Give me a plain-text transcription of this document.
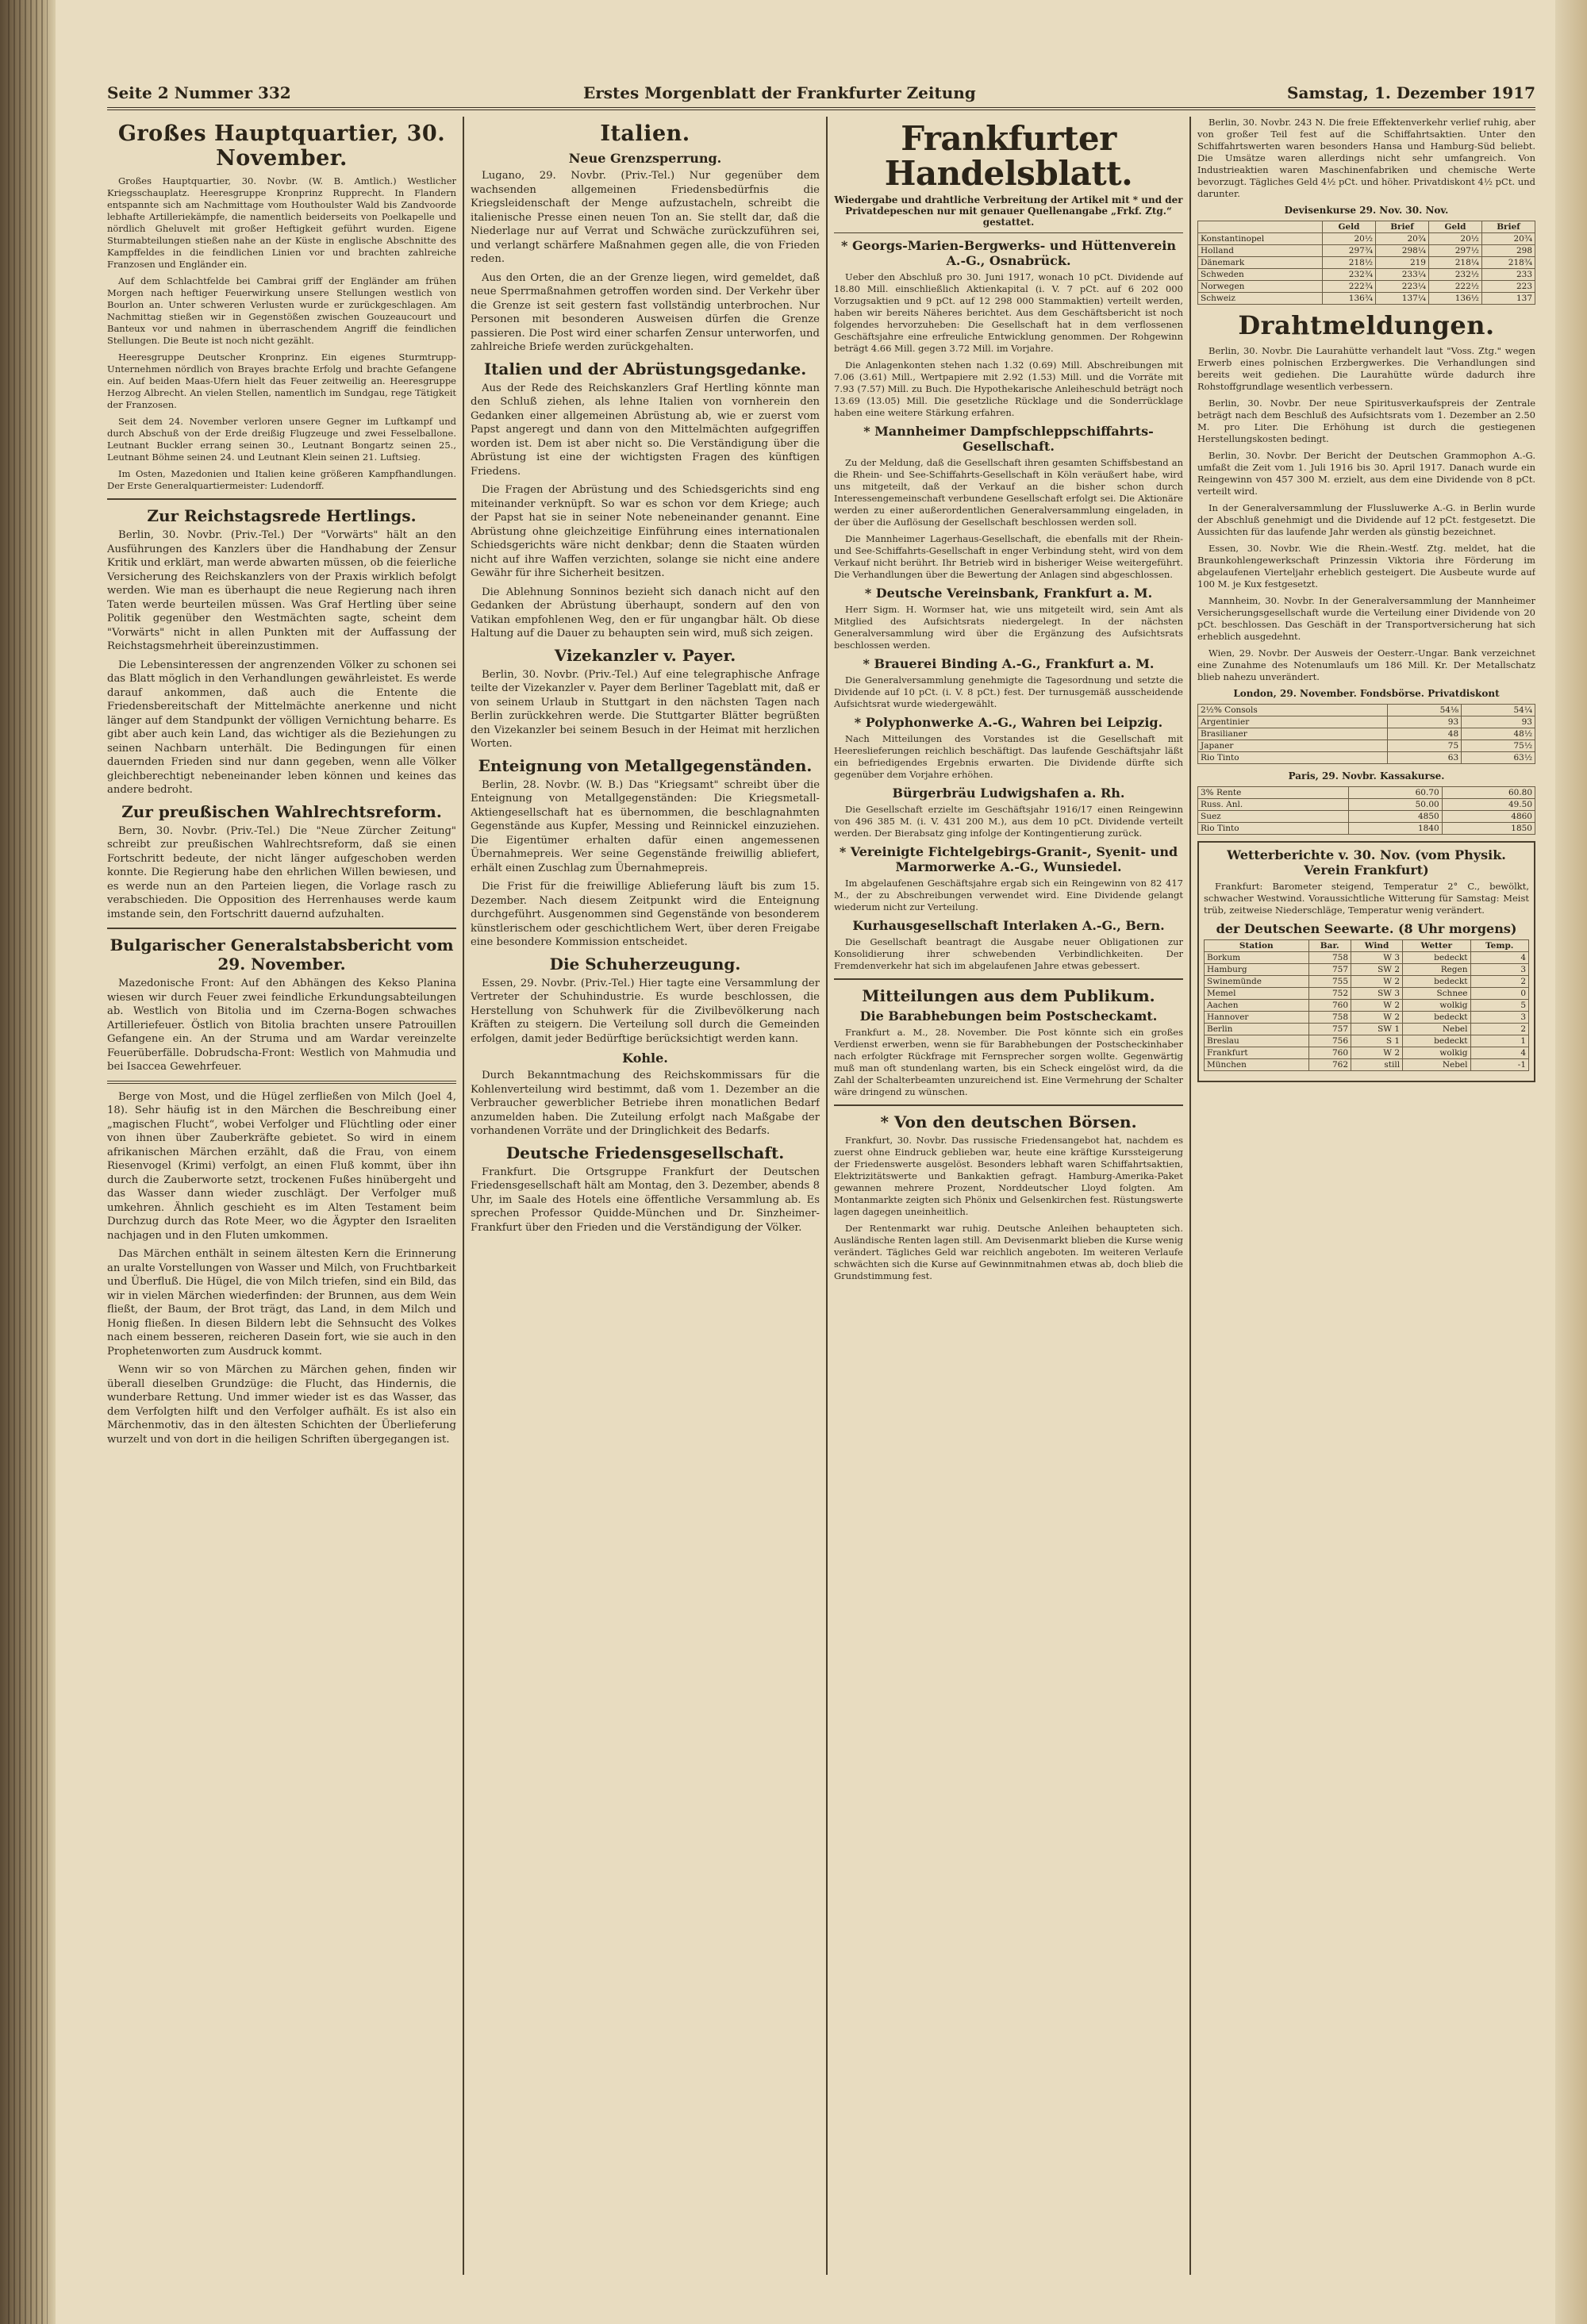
Seite 2 Nummer 332	Erstes Morgenblatt der Frankfurter Zeitung	Samstag, 1. Dezember 1917
Großes Hauptquartier, 30. November.

Großes Hauptquartier, 30. Novbr. (W. B. Amtlich.) Westlicher Kriegsschauplatz. Heeresgruppe Kronprinz Rupprecht. In Flandern entspannte sich am Nachmittage vom Houthoulster Wald bis Zandvoorde lebhafte Artilleriekämpfe, die namentlich beiderseits von Poelkapelle und nördlich Gheluvelt mit großer Heftigkeit geführt wurden. Eigene Sturmabteilungen stießen nahe an der Küste in englische Abschnitte des Kampffeldes in die feindlichen Linien vor und brachten zahlreiche Franzosen und Engländer ein.

Auf dem Schlachtfelde bei Cambrai griff der Engländer am frühen Morgen nach heftiger Feuerwirkung unsere Stellungen westlich von Bourlon an. Unter schweren Verlusten wurde er zurückgeschlagen. Am Nachmittag stießen wir in Gegenstößen zwischen Gouzeaucourt und Banteux vor und nahmen in überraschendem Angriff die feindlichen Stellungen. Die Beute ist noch nicht gezählt.

Heeresgruppe Deutscher Kronprinz. Ein eigenes Sturmtrupp-Unternehmen nördlich von Brayes brachte Erfolg und brachte Gefangene ein. Auf beiden Maas-Ufern hielt das Feuer zeitweilig an. Heeresgruppe Herzog Albrecht. An vielen Stellen, namentlich im Sundgau, rege Tätigkeit der Franzosen.

Seit dem 24. November verloren unsere Gegner im Luftkampf und durch Abschuß von der Erde dreißig Flugzeuge und zwei Fesselballone. Leutnant Buckler errang seinen 30., Leutnant Bongartz seinen 25., Leutnant Böhme seinen 24. und Leutnant Klein seinen 21. Luftsieg.

Im Osten, Mazedonien und Italien keine größeren Kampfhandlungen. Der Erste Generalquartiermeister: Ludendorff.

Zur Reichstagsrede Hertlings.

Berlin, 30. Novbr. (Priv.-Tel.) Der "Vorwärts" hält an den Ausführungen des Kanzlers über die Handhabung der Zensur Kritik und erklärt, man werde abwarten müssen, ob die feierliche Versicherung des Reichskanzlers von der Praxis wirklich befolgt werden. Wie man es überhaupt die neue Regierung nach ihren Taten werde beurteilen müssen. Was Graf Hertling über seine Politik gegenüber den Westmächten sagte, scheint dem "Vorwärts" nicht in allen Punkten mit der Auffassung der Reichstagsmehrheit übereinzustimmen.

Die Lebensinteressen der angrenzenden Völker zu schonen sei das Blatt möglich in den Verhandlungen gewährleistet. Es werde darauf ankommen, daß auch die Entente die Friedensbereitschaft der Mittelmächte anerkenne und nicht länger auf dem Standpunkt der völligen Vernichtung beharre. Es gibt aber auch kein Land, das wichtiger als die Beziehungen zu seinen Nachbarn unterhält. Die Bedingungen für einen dauernden Frieden sind nur dann gegeben, wenn alle Völker gleichberechtigt nebeneinander leben können und keines das andere bedroht.

Zur preußischen Wahlrechtsreform.

Bern, 30. Novbr. (Priv.-Tel.) Die "Neue Zürcher Zeitung" schreibt zur preußischen Wahlrechtsreform, daß sie einen Fortschritt bedeute, der nicht länger aufgeschoben werden konnte. Die Regierung habe den ehrlichen Willen bewiesen, und es werde nun an den Parteien liegen, die Vorlage rasch zu verabschieden. Die Opposition des Herrenhauses werde kaum imstande sein, den Fortschritt dauernd aufzuhalten.

Bulgarischer Generalstabsbericht vom 29. November.

Mazedonische Front: Auf den Abhängen des Kekso Planina wiesen wir durch Feuer zwei feindliche Erkundungsabteilungen ab. Westlich von Bitolia und im Czerna-Bogen schwaches Artilleriefeuer. Östlich von Bitolia brachten unsere Patrouillen Gefangene ein. An der Struma und am Wardar vereinzelte Feuerüberfälle. Dobrudscha-Front: Westlich von Mahmudia und bei Isaccea Gewehrfeuer.

Berge von Most, und die Hügel zerfließen von Milch (Joel 4, 18). Sehr häufig ist in den Märchen die Beschreibung einer „magischen Flucht“, wobei Verfolger und Flüchtling oder einer von ihnen über Zauberkräfte gebietet. So wird in einem afrikanischen Märchen erzählt, daß die Frau, von einem Riesenvogel (Krimi) verfolgt, an einen Fluß kommt, über ihn durch die Zauberworte setzt, trockenen Fußes hinübergeht und das Wasser dann wieder zuschlägt. Der Verfolger muß umkehren. Ähnlich geschieht es im Alten Testament beim Durchzug durch das Rote Meer, wo die Ägypter den Israeliten nachjagen und in den Fluten umkommen.

Das Märchen enthält in seinem ältesten Kern die Erinnerung an uralte Vorstellungen von Wasser und Milch, von Fruchtbarkeit und Überfluß. Die Hügel, die von Milch triefen, sind ein Bild, das wir in vielen Märchen wiederfinden: der Brunnen, aus dem Wein fließt, der Baum, der Brot trägt, das Land, in dem Milch und Honig fließen. In diesen Bildern lebt die Sehnsucht des Volkes nach einem besseren, reicheren Dasein fort, wie sie auch in den Prophetenworten zum Ausdruck kommt.

Wenn wir so von Märchen zu Märchen gehen, finden wir überall dieselben Grundzüge: die Flucht, das Hindernis, die wunderbare Rettung. Und immer wieder ist es das Wasser, das dem Verfolgten hilft und den Verfolger aufhält. Es ist also ein Märchenmotiv, das in den ältesten Schichten der Überlieferung wurzelt und von dort in die heiligen Schriften übergegangen ist.

Italien.
Neue Grenzsperrung.

Lugano, 29. Novbr. (Priv.-Tel.) Nur gegenüber dem wachsenden allgemeinen Friedensbedürfnis die Kriegsleidenschaft der Menge aufzustacheln, schreibt die italienische Presse einen neuen Ton an. Sie stellt dar, daß die Niederlage nur auf Verrat und Schwäche zurückzuführen sei, und verlangt schärfere Maßnahmen gegen alle, die von Frieden reden.

Aus den Orten, die an der Grenze liegen, wird gemeldet, daß neue Sperrmaßnahmen getroffen worden sind. Der Verkehr über die Grenze ist seit gestern fast vollständig unterbrochen. Nur Personen mit besonderen Ausweisen dürfen die Grenze passieren. Die Post wird einer scharfen Zensur unterworfen, und zahlreiche Briefe werden zurückgehalten.

Italien und der Abrüstungsgedanke.

Aus der Rede des Reichskanzlers Graf Hertling könnte man den Schluß ziehen, als lehne Italien von vornherein den Gedanken einer allgemeinen Abrüstung ab, wie er zuerst vom Papst angeregt und dann von den Mittelmächten aufgegriffen worden ist. Dem ist aber nicht so. Die Verständigung über die Abrüstung ist eine der wichtigsten Fragen des künftigen Friedens.

Die Fragen der Abrüstung und des Schiedsgerichts sind eng miteinander verknüpft. So war es schon vor dem Kriege; auch der Papst hat sie in seiner Note nebeneinander genannt. Eine Abrüstung ohne gleichzeitige Einführung eines internationalen Schiedsgerichts wäre nicht denkbar; denn die Staaten würden nicht auf ihre Waffen verzichten, solange sie nicht eine andere Gewähr für ihre Sicherheit besitzen.

Die Ablehnung Sonninos bezieht sich danach nicht auf den Gedanken der Abrüstung überhaupt, sondern auf den von Vatikan empfohlenen Weg, den er für ungangbar hält. Ob diese Haltung auf die Dauer zu behaupten sein wird, muß sich zeigen.

Vizekanzler v. Payer.

Berlin, 30. Novbr. (Priv.-Tel.) Auf eine telegraphische Anfrage teilte der Vizekanzler v. Payer dem Berliner Tageblatt mit, daß er von seinem Urlaub in Stuttgart in den nächsten Tagen nach Berlin zurückkehren werde. Die Stuttgarter Blätter begrüßten den Vizekanzler bei seinem Besuch in der Heimat mit herzlichen Worten.

Enteignung von Metallgegenständen.

Berlin, 28. Novbr. (W. B.) Das "Kriegsamt" schreibt über die Enteignung von Metallgegenständen: Die Kriegsmetall-Aktiengesellschaft hat es übernommen, die beschlagnahmten Gegenstände aus Kupfer, Messing und Reinnickel einzuziehen. Die Eigentümer erhalten dafür einen angemessenen Übernahmepreis. Wer seine Gegenstände freiwillig abliefert, erhält einen Zuschlag zum Übernahmepreis.

Die Frist für die freiwillige Ablieferung läuft bis zum 15. Dezember. Nach diesem Zeitpunkt wird die Enteignung durchgeführt. Ausgenommen sind Gegenstände von besonderem künstlerischem oder geschichtlichem Wert, über deren Freigabe eine besondere Kommission entscheidet.

Die Schuherzeugung.

Essen, 29. Novbr. (Priv.-Tel.) Hier tagte eine Versammlung der Vertreter der Schuhindustrie. Es wurde beschlossen, die Herstellung von Schuhwerk für die Zivilbevölkerung nach Kräften zu steigern. Die Verteilung soll durch die Gemeinden erfolgen, damit jeder Bedürftige berücksichtigt werden kann.

Kohle.

Durch Bekanntmachung des Reichskommissars für die Kohlenverteilung wird bestimmt, daß vom 1. Dezember an die Verbraucher gewerblicher Betriebe ihren monatlichen Bedarf anzumelden haben. Die Zuteilung erfolgt nach Maßgabe der vorhandenen Vorräte und der Dringlichkeit des Bedarfs.

Deutsche Friedensgesellschaft.

Frankfurt. Die Ortsgruppe Frankfurt der Deutschen Friedensgesellschaft hält am Montag, den 3. Dezember, abends 8 Uhr, im Saale des Hotels eine öffentliche Versammlung ab. Es sprechen Professor Quidde-München und Dr. Sinzheimer-Frankfurt über den Frieden und die Verständigung der Völker.

Frankfurter Handelsblatt.

Wiedergabe und drahtliche Verbreitung der Artikel mit * und der Privatdepeschen nur mit genauer Quellenangabe „Frkf. Ztg.“ gestattet.

* Georgs-Marien-Bergwerks- und Hüttenverein A.-G., Osnabrück.

Ueber den Abschluß pro 30. Juni 1917, wonach 10 pCt. Dividende auf 18.80 Mill. einschließlich Aktienkapital (i. V. 7 pCt. auf 6 202 000 Vorzugsaktien und 9 pCt. auf 12 298 000 Stammaktien) verteilt werden, haben wir bereits Näheres berichtet. Aus dem Geschäftsbericht ist noch folgendes hervorzuheben: Die Gesellschaft hat in dem verflossenen Geschäftsjahre eine erfreuliche Entwicklung genommen. Der Rohgewinn beträgt 4.66 Mill. gegen 3.72 Mill. im Vorjahre.

Die Anlagenkonten stehen nach 1.32 (0.69) Mill. Abschreibungen mit 7.06 (3.61) Mill., Wertpapiere mit 2.92 (1.53) Mill. und die Vorräte mit 7.93 (7.57) Mill. zu Buch. Die Hypothekarische Anleiheschuld beträgt noch 13.69 (13.05) Mill. Die gesetzliche Rücklage und die Sonderrücklage haben eine weitere Stärkung erfahren.

* Mannheimer Dampfschleppschiffahrts-Gesellschaft.

Zu der Meldung, daß die Gesellschaft ihren gesamten Schiffsbestand an die Rhein- und See-Schiffahrts-Gesellschaft in Köln veräußert habe, wird uns mitgeteilt, daß der Verkauf an die bisher schon durch Interessengemeinschaft verbundene Gesellschaft erfolgt sei. Die Aktionäre werden zu einer außerordentlichen Generalversammlung eingeladen, in der über die Auflösung der Gesellschaft beschlossen werden soll.

Die Mannheimer Lagerhaus-Gesellschaft, die ebenfalls mit der Rhein- und See-Schiffahrts-Gesellschaft in enger Verbindung steht, wird von dem Verkauf nicht berührt. Ihr Betrieb wird in bisheriger Weise weitergeführt. Die Verhandlungen über die Bewertung der Anlagen sind abgeschlossen.

* Deutsche Vereinsbank, Frankfurt a. M.

Herr Sigm. H. Wormser hat, wie uns mitgeteilt wird, sein Amt als Mitglied des Aufsichtsrats niedergelegt. In der nächsten Generalversammlung wird über die Ergänzung des Aufsichtsrats beschlossen werden.

* Brauerei Binding A.-G., Frankfurt a. M.

Die Generalversammlung genehmigte die Tagesordnung und setzte die Dividende auf 10 pCt. (i. V. 8 pCt.) fest. Der turnusgemäß ausscheidende Aufsichtsrat wurde wiedergewählt.

* Polyphonwerke A.-G., Wahren bei Leipzig.

Nach Mitteilungen des Vorstandes ist die Gesellschaft mit Heereslieferungen reichlich beschäftigt. Das laufende Geschäftsjahr läßt ein befriedigendes Ergebnis erwarten. Die Dividende dürfte sich gegenüber dem Vorjahre erhöhen.

Bürgerbräu Ludwigshafen a. Rh.

Die Gesellschaft erzielte im Geschäftsjahr 1916/17 einen Reingewinn von 496 385 M. (i. V. 431 200 M.), aus dem 10 pCt. Dividende verteilt werden. Der Bierabsatz ging infolge der Kontingentierung zurück.

* Vereinigte Fichtelgebirgs-Granit-, Syenit- und Marmorwerke A.-G., Wunsiedel.

Im abgelaufenen Geschäftsjahre ergab sich ein Reingewinn von 82 417 M., der zu Abschreibungen verwendet wird. Eine Dividende gelangt wiederum nicht zur Verteilung.

Kurhausgesellschaft Interlaken A.-G., Bern.

Die Gesellschaft beantragt die Ausgabe neuer Obligationen zur Konsolidierung ihrer schwebenden Verbindlichkeiten. Der Fremdenverkehr hat sich im abgelaufenen Jahre etwas gebessert.

Mitteilungen aus dem Publikum.
Die Barabhebungen beim Postscheckamt.

Frankfurt a. M., 28. November. Die Post könnte sich ein großes Verdienst erwerben, wenn sie für Barabhebungen der Postscheckinhaber nach erfolgter Rückfrage mit Fernsprecher sorgen wollte. Gegenwärtig muß man oft stundenlang warten, bis ein Scheck eingelöst wird, da die Zahl der Schalterbeamten unzureichend ist. Eine Vermehrung der Schalter wäre dringend zu wünschen.

* Von den deutschen Börsen.

Frankfurt, 30. Novbr. Das russische Friedensangebot hat, nachdem es zuerst ohne Eindruck geblieben war, heute eine kräftige Kurssteigerung der Friedenswerte ausgelöst. Besonders lebhaft waren Schiffahrtsaktien, Elektrizitätswerte und Bankaktien gefragt. Hamburg-Amerika-Paket gewannen mehrere Prozent, Norddeutscher Lloyd folgten. Am Montanmarkte zeigten sich Phönix und Gelsenkirchen fest. Rüstungswerte lagen dagegen uneinheitlich.

Der Rentenmarkt war ruhig. Deutsche Anleihen behaupteten sich. Ausländische Renten lagen still. Am Devisenmarkt blieben die Kurse wenig verändert. Tägliches Geld war reichlich angeboten. Im weiteren Verlaufe schwächten sich die Kurse auf Gewinnmitnahmen etwas ab, doch blieb die Grundstimmung fest.

Berlin, 30. Novbr. 243 N. Die freie Effektenverkehr verlief ruhig, aber von großer Teil fest auf die Schiffahrtsaktien. Unter den Schiffahrtswerten waren besonders Hansa und Hamburg-Süd beliebt. Die Umsätze waren allerdings nicht sehr umfangreich. Von Industrieaktien waren Maschinenfabriken und chemische Werte bevorzugt. Tägliches Geld 4½ pCt. und höher. Privatdiskont 4½ pCt. und darunter.

Devisenkurse 29. Nov. 30. Nov.

	Geld	Brief	Geld	Brief
Konstantinopel	20½	20¾	20½	20¾
Holland	297¾	298¼	297½	298
Dänemark	218½	219	218¼	218¾
Schweden	232¾	233¼	232½	233
Norwegen	222¾	223¼	222½	223
Schweiz	136¾	137¼	136½	137
Drahtmeldungen.

Berlin, 30. Novbr. Die Laurahütte verhandelt laut "Voss. Ztg." wegen Erwerb eines polnischen Erzbergwerkes. Die Verhandlungen sind bereits weit gediehen. Die Laurahütte würde dadurch ihre Rohstoffgrundlage wesentlich verbessern.

Berlin, 30. Novbr. Der neue Spiritusverkaufspreis der Zentrale beträgt nach dem Beschluß des Aufsichtsrats vom 1. Dezember an 2.50 M. pro Liter. Die Erhöhung ist durch die gestiegenen Herstellungskosten bedingt.

Berlin, 30. Novbr. Der Bericht der Deutschen Grammophon A.-G. umfaßt die Zeit vom 1. Juli 1916 bis 30. April 1917. Danach wurde ein Reingewinn von 457 300 M. erzielt, aus dem eine Dividende von 8 pCt. verteilt wird.

In der Generalversammlung der Flussluwerke A.-G. in Berlin wurde der Abschluß genehmigt und die Dividende auf 12 pCt. festgesetzt. Die Aussichten für das laufende Jahr werden als günstig bezeichnet.

Essen, 30. Novbr. Wie die Rhein.-Westf. Ztg. meldet, hat die Braunkohlengewerkschaft Prinzessin Viktoria ihre Förderung im abgelaufenen Vierteljahr erheblich gesteigert. Die Ausbeute wurde auf 100 M. je Kux festgesetzt.

Mannheim, 30. Novbr. In der Generalversammlung der Mannheimer Versicherungsgesellschaft wurde die Verteilung einer Dividende von 20 pCt. beschlossen. Das Geschäft in der Transportversicherung hat sich erheblich ausgedehnt.

Wien, 29. Novbr. Der Ausweis der Oesterr.-Ungar. Bank verzeichnet eine Zunahme des Notenumlaufs um 186 Mill. Kr. Der Metallschatz blieb nahezu unverändert.

London, 29. November. Fondsbörse. Privatdiskont

2½% Consols	54⅛	54¼
Argentinier	93	93
Brasilianer	48	48½
Japaner	75	75½
Rio Tinto	63	63½

Paris, 29. Novbr. Kassakurse.

3% Rente	60.70	60.80
Russ. Anl.	50.00	49.50
Suez	4850	4860
Rio Tinto	1840	1850
Wetterberichte v. 30. Nov. (vom Physik. Verein Frankfurt)

Frankfurt: Barometer steigend, Temperatur 2° C., bewölkt, schwacher Westwind. Voraussichtliche Witterung für Samstag: Meist trüb, zeitweise Niederschläge, Temperatur wenig verändert.

der Deutschen Seewarte. (8 Uhr morgens)
Station	Bar.	Wind	Wetter	Temp.
Borkum	758	W 3	bedeckt	4
Hamburg	757	SW 2	Regen	3
Swinemünde	755	W 2	bedeckt	2
Memel	752	SW 3	Schnee	0
Aachen	760	W 2	wolkig	5
Hannover	758	W 2	bedeckt	3
Berlin	757	SW 1	Nebel	2
Breslau	756	S 1	bedeckt	1
Frankfurt	760	W 2	wolkig	4
München	762	still	Nebel	-1
